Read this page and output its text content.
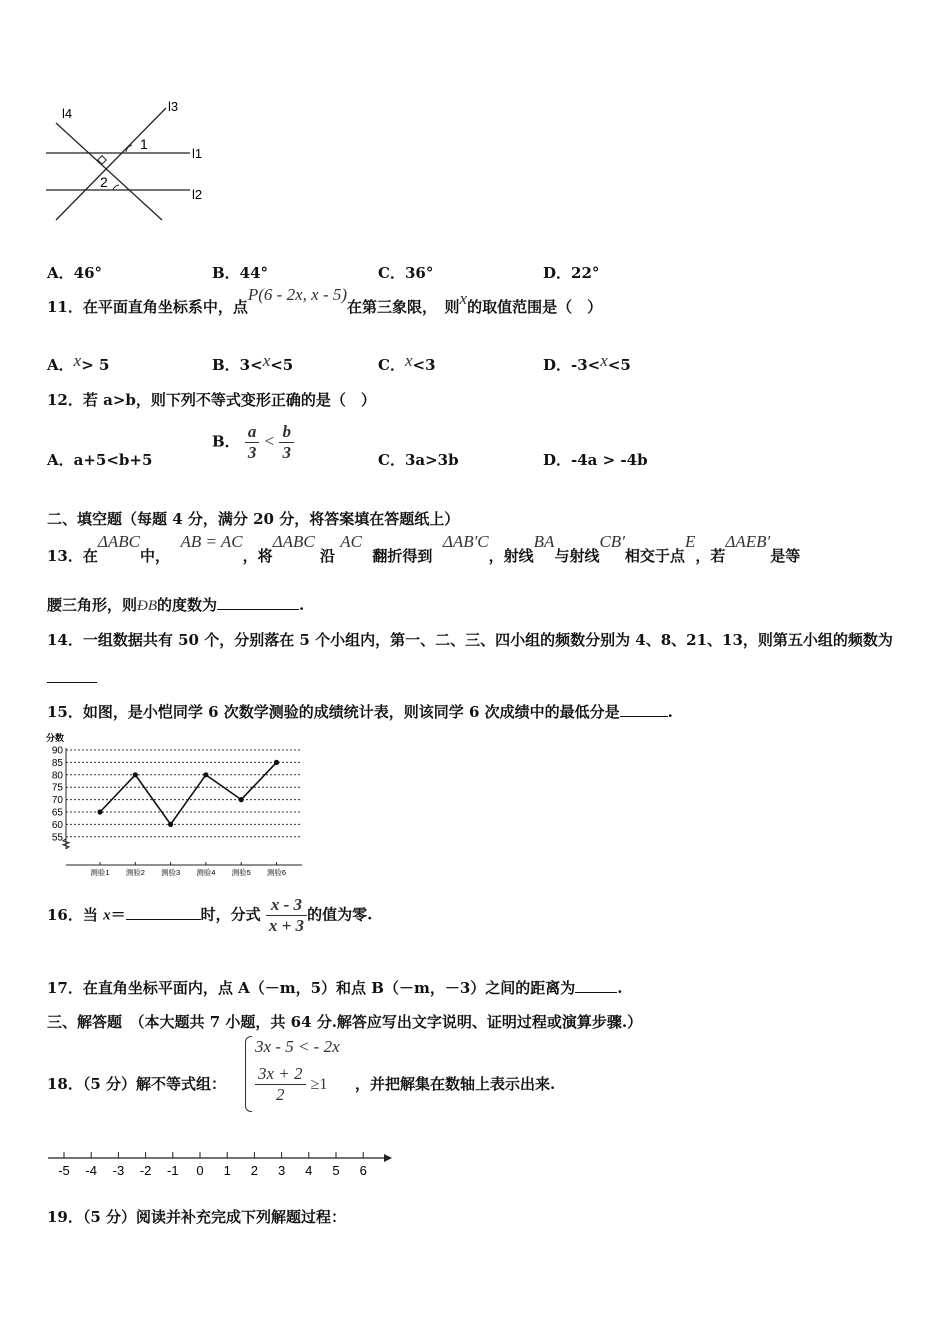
l4	l3
l1
l2
1
2
A．46°	B．44°	C．36°	D．22°
11．在平面直角坐标系中，点P(6 - 2x, x - 5)在第三象限，　则x的取值范围是（　）
A．x> 5	B．3<x<5	C．x<3	D．-3<x<5
12．若 a>b，则下列不等式变形正确的是（　）
A．a+5<b+5
B． $\frac{a}{3} < \frac{b}{3}$	C．3a>3b	D．-4a > -4b
二、填空题（每题 4 分，满分 20 分，将答案填在答题纸上）
13．在ΔABC中，  AB = AC，将ΔABC 沿 AC  翻折得到  ΔAB′C，射线BA与射线CB′相交于点E，若ΔAEB′是等
腰三角形，则ÐB的度数为	.
14．一组数据共有 50 个，分别落在 5 个小组内，第一、二、三、四小组的频数分别为 4、8、21、13，则第五小组的频数为
15．如图，是小恺同学 6 次数学测验的成绩统计表，则该同学 6 次成绩中的最低分是	.
分数
90
85
80
75
70
65
60
55
测验1 测验2 测验3 测验4 测验5 测验6
16．当 x＝	时，分式 $\frac{x - 3}{x + 3}$ 的值为零.
17．在直角坐标平面内，点 A（－m，5）和点 B（－m，－3）之间的距离为	.
三、解答题　（本大题共 7 小题，共 64 分.解答应写出文字说明、证明过程或演算步骤.）
18．（5 分）解不等式组：
3x - 5 < - 2x
$\frac{3x + 2}{2} \ge 1$ ，并把解集在数轴上表示出来.
-5 -4 -3 -2 -1 0 1 2 3 4 5 6
19．（5 分）阅读并补充完成下列解题过程：
